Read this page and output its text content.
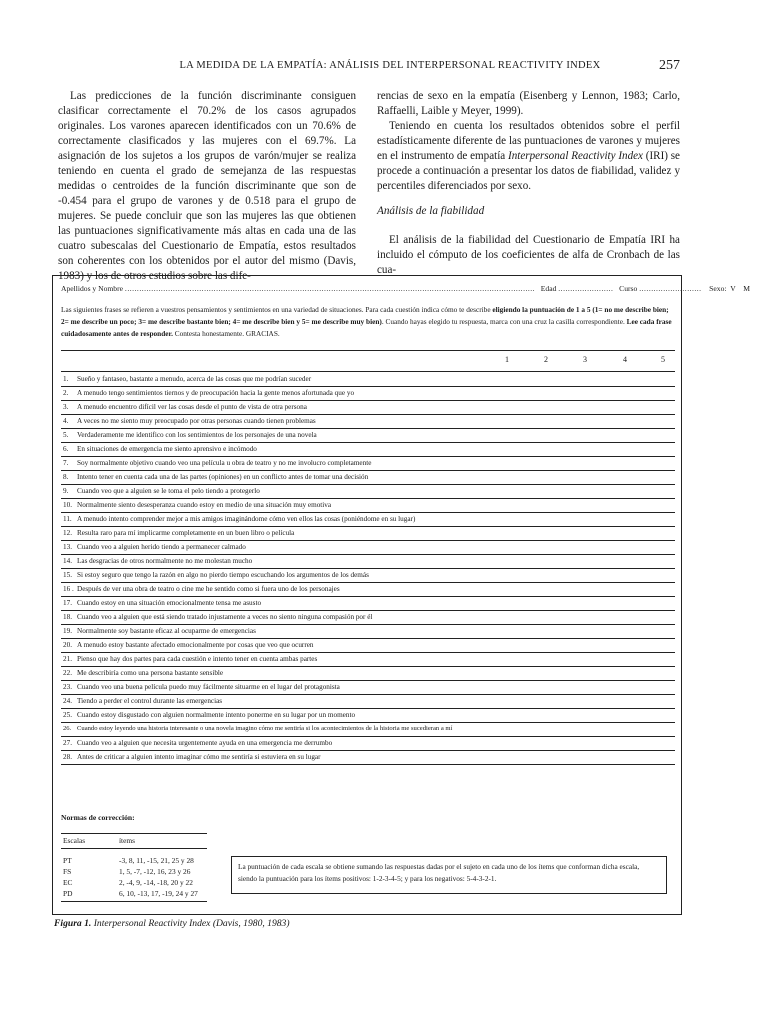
LA MEDIDA DE LA EMPATÍA: ANÁLISIS DEL INTERPERSONAL REACTIVITY INDEX	257

Las predicciones de la función discriminante consiguen clasificar correctamente el 70.2% de los casos agrupados originales. Los varones aparecen identificados con un 70.6% de correctamente clasificados y las mujeres con el 69.7%. La asignación de los sujetos a los grupos de varón/mujer se realiza teniendo en cuenta el grado de semejanza de las respuestas medidas o centroides de la función discriminante que son de -0.454 para el grupo de varones y de 0.518 para el grupo de mujeres. Se puede concluir que son las mujeres las que obtienen las puntuaciones significativamente más altas en cada una de las cuatro subescalas del Cuestionario de Empatía, estos resultados son coherentes con los obtenidos por el autor del mismo (Davis, 1983) y los de otros estudios sobre las dife-

rencias de sexo en la empatía (Eisenberg y Lennon, 1983; Carlo, Raffaelli, Laible y Meyer, 1999).

Teniendo en cuenta los resultados obtenidos sobre el perfil estadísticamente diferente de las puntuaciones de varones y mujeres en el instrumento de empatía Interpersonal Reactivity Index (IRI) se procede a continuación a presentar los datos de fiabilidad, validez y percentiles diferenciados por sexo.

Análisis de la fiabilidad

El análisis de la fiabilidad del Cuestionario de Empatía IRI ha incluido el cómputo de los coeficientes de alfa de Cronbach de las cua-

Apellidos y Nombre ........................................................................................................................................................................... Edad ....................... Curso .......................... Sexo: V M
Las siguientes frases se refieren a vuestros pensamientos y sentimientos en una variedad de situaciones. Para cada cuestión indica cómo te describe eligiendo la puntuación de 1 a 5 (1= no me describe bien; 2= me describe un poco; 3= me describe bastante bien; 4= me describe bien y 5= me describe muy bien). Cuando hayas elegido tu respuesta, marca con una cruz la casilla correspondiente. Lee cada frase cuidadosamente antes de responder. Contesta honestamente. GRACIAS.
1	2	3	4	5
1. Sueño y fantaseo, bastante a menudo, acerca de las cosas que me podrían suceder
2. A menudo tengo sentimientos tiernos y de preocupación hacia la gente menos afortunada que yo
3. A menudo encuentro difícil ver las cosas desde el punto de vista de otra persona
4. A veces no me siento muy preocupado por otras personas cuando tienen problemas
5. Verdaderamente me identifico con los sentimientos de los personajes de una novela
6. En situaciones de emergencia me siento aprensivo e incómodo
7. Soy normalmente objetivo cuando veo una película u obra de teatro y no me involucro completamente
8. Intento tener en cuenta cada una de las partes (opiniones) en un conflicto antes de tomar una decisión
9. Cuando veo que a alguien se le toma el pelo tiendo a protegerlo
10. Normalmente siento desesperanza cuando estoy en medio de una situación muy emotiva
11. A menudo intento comprender mejor a mis amigos imaginándome cómo ven ellos las cosas (poniéndome en su lugar)
12. Resulta raro para mí implicarme completamente en un buen libro o película
13. Cuando veo a alguien herido tiendo a permanecer calmado
14. Las desgracias de otros normalmente no me molestan mucho
15. Si estoy seguro que tengo la razón en algo no pierdo tiempo escuchando los argumentos de los demás
16 . Después de ver una obra de teatro o cine me he sentido como si fuera uno de los personajes
17. Cuando estoy en una situación emocionalmente tensa me asusto
18. Cuando veo a alguien que está siendo tratado injustamente a veces no siento ninguna compasión por él
19. Normalmente soy bastante eficaz al ocuparme de emergencias
20. A menudo estoy bastante afectado emocionalmente por cosas que veo que ocurren
21. Pienso que hay dos partes para cada cuestión e intento tener en cuenta ambas partes
22. Me describiría como una persona bastante sensible
23. Cuando veo una buena película puedo muy fácilmente situarme en el lugar del protagonista
24. Tiendo a perder el control durante las emergencias
25. Cuando estoy disgustado con alguien normalmente intento ponerme en su lugar por un momento
26. Cuando estoy leyendo una historia interesante o una novela imagino cómo me sentiría si los acontecimientos de la historia me sucedieran a mí
27. Cuando veo a alguien que necesita urgentemente ayuda en una emergencia me derrumbo
28. Antes de criticar a alguien intento imaginar cómo me sentiría si estuviera en su lugar
Normas de corrección:
Escalas	ítems
PT	-3, 8, 11, -15, 21, 25 y 28
FS	1, 5, -7, -12, 16, 23 y 26
EC	2, -4, 9, -14, -18, 20 y 22
PD	6, 10, -13, 17, -19, 24 y 27
La puntuación de cada escala se obtiene sumando las respuestas dadas por el sujeto en cada uno de los ítems que conforman dicha escala, siendo la puntuación para los ítems positivos: 1-2-3-4-5; y para los negativos: 5-4-3-2-1.
Figura 1. Interpersonal Reactivity Index (Davis, 1980, 1983)
